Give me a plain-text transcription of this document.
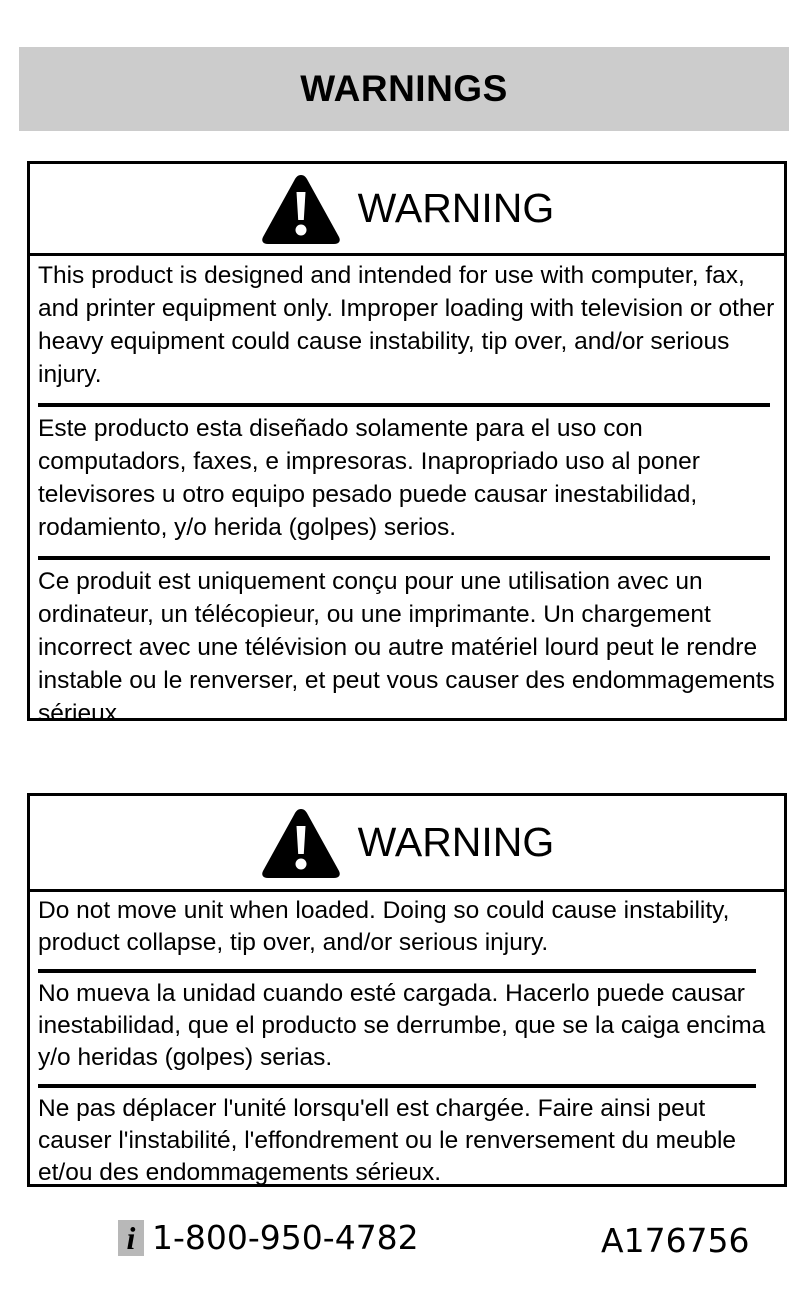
WARNINGS
WARNING
This product is designed and intended for use with computer, fax, and printer equipment only. Improper loading with television or other heavy equipment could cause instability, tip over, and/or serious injury.
Este producto esta diseñado solamente para el uso con computadors, faxes, e impresoras. Inapropriado uso al poner televisores u otro equipo pesado puede causar inestabilidad, rodamiento, y/o herida (golpes) serios.
Ce produit est uniquement conçu pour une utilisation avec un ordinateur, un télécopieur, ou une imprimante. Un chargement incorrect avec une télévision ou autre matériel lourd peut le rendre instable ou le renverser, et peut vous causer des endommagements sérieux.
WARNING
Do not move unit when loaded. Doing so could cause instability, product collapse, tip over, and/or serious injury.
No mueva la unidad cuando esté cargada. Hacerlo puede causar inestabilidad, que el producto se derrumbe, que se la caiga encima y/o heridas (golpes) serias.
Ne pas déplacer l'unité lorsqu'ell est chargée. Faire ainsi peut causer l'instabilité, l'effondrement ou le renversement du meuble et/ou des endommagements sérieux.
i 1-800-950-4782	A176756
